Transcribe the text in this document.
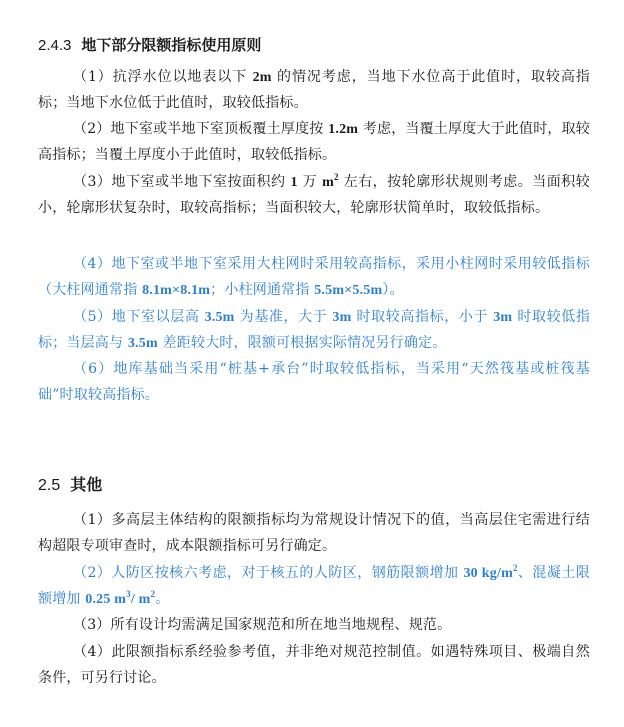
2.4.3 地下部分限额指标使用原则
（1）抗浮水位以地表以下 2m 的情况考虑，当地下水位高于此值时，取较高指标；当地下水位低于此值时，取较低指标。
（2）地下室或半地下室顶板覆土厚度按 1.2m 考虑，当覆土厚度大于此值时，取较高指标；当覆土厚度小于此值时，取较低指标。
（3）地下室或半地下室按面积约 1 万 $m^2$ 左右，按轮廓形状规则考虑。当面积较小，轮廓形状复杂时，取较高指标；当面积较大，轮廓形状简单时，取较低指标。
（4）地下室或半地下室采用大柱网时采用较高指标，采用小柱网时采用较低指标（大柱网通常指 8.1m×8.1m；小柱网通常指 5.5m×5.5m）。
（5）地下室以层高 3.5m 为基准，大于 3m 时取较高指标，小于 3m 时取较低指标；当层高与 3.5m 差距较大时，限额可根据实际情况另行确定。
（6）地库基础当采用“桩基+承台”时取较低指标，当采用“天然筏基或桩筏基础”时取较高指标。
2.5 其他
（1）多高层主体结构的限额指标均为常规设计情况下的值，当高层住宅需进行结构超限专项审查时，成本限额指标可另行确定。
（2）人防区按核六考虑，对于核五的人防区，钢筋限额增加 30 $kg/m^2$、混凝土限额增加 0.25 $m^3/$ $m^2$。
（3）所有设计均需满足国家规范和所在地当地规程、规范。
（4）此限额指标系经验参考值，并非绝对规范控制值。如遇特殊项目、极端自然条件，可另行讨论。
